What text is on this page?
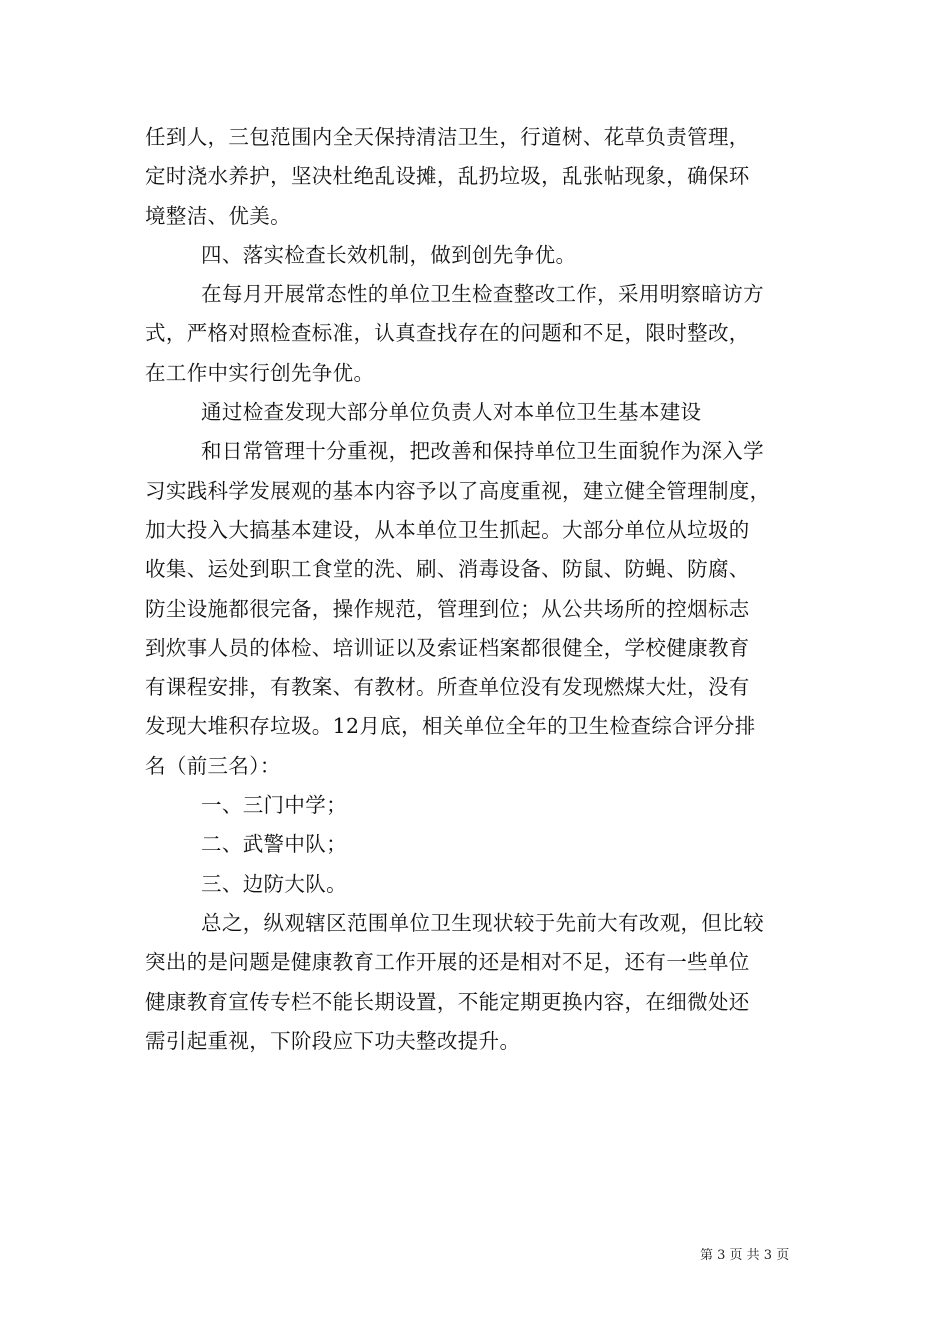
任到人，三包范围内全天保持清洁卫生，行道树、花草负责管理，
定时浇水养护，坚决杜绝乱设摊，乱扔垃圾，乱张帖现象，确保环
境整洁、优美。
四、落实检查长效机制，做到创先争优。
在每月开展常态性的单位卫生检查整改工作，采用明察暗访方
式，严格对照检查标准，认真查找存在的问题和不足，限时整改，
在工作中实行创先争优。
通过检查发现大部分单位负责人对本单位卫生基本建设
和日常管理十分重视，把改善和保持单位卫生面貌作为深入学
习实践科学发展观的基本内容予以了高度重视，建立健全管理制度，
加大投入大搞基本建设，从本单位卫生抓起。大部分单位从垃圾的
收集、运处到职工食堂的洗、刷、消毒设备、防鼠、防蝇、防腐、
防尘设施都很完备，操作规范，管理到位；从公共场所的控烟标志
到炊事人员的体检、培训证以及索证档案都很健全，学校健康教育
有课程安排，有教案、有教材。所查单位没有发现燃煤大灶，没有
发现大堆积存垃圾。12月底，相关单位全年的卫生检查综合评分排
名（前三名）：
一、三门中学；
二、武警中队；
三、边防大队。
总之，纵观辖区范围单位卫生现状较于先前大有改观，但比较
突出的是问题是健康教育工作开展的还是相对不足，还有一些单位
健康教育宣传专栏不能长期设置，不能定期更换内容，在细微处还
需引起重视，下阶段应下功夫整改提升。
第 3 页 共 3 页
